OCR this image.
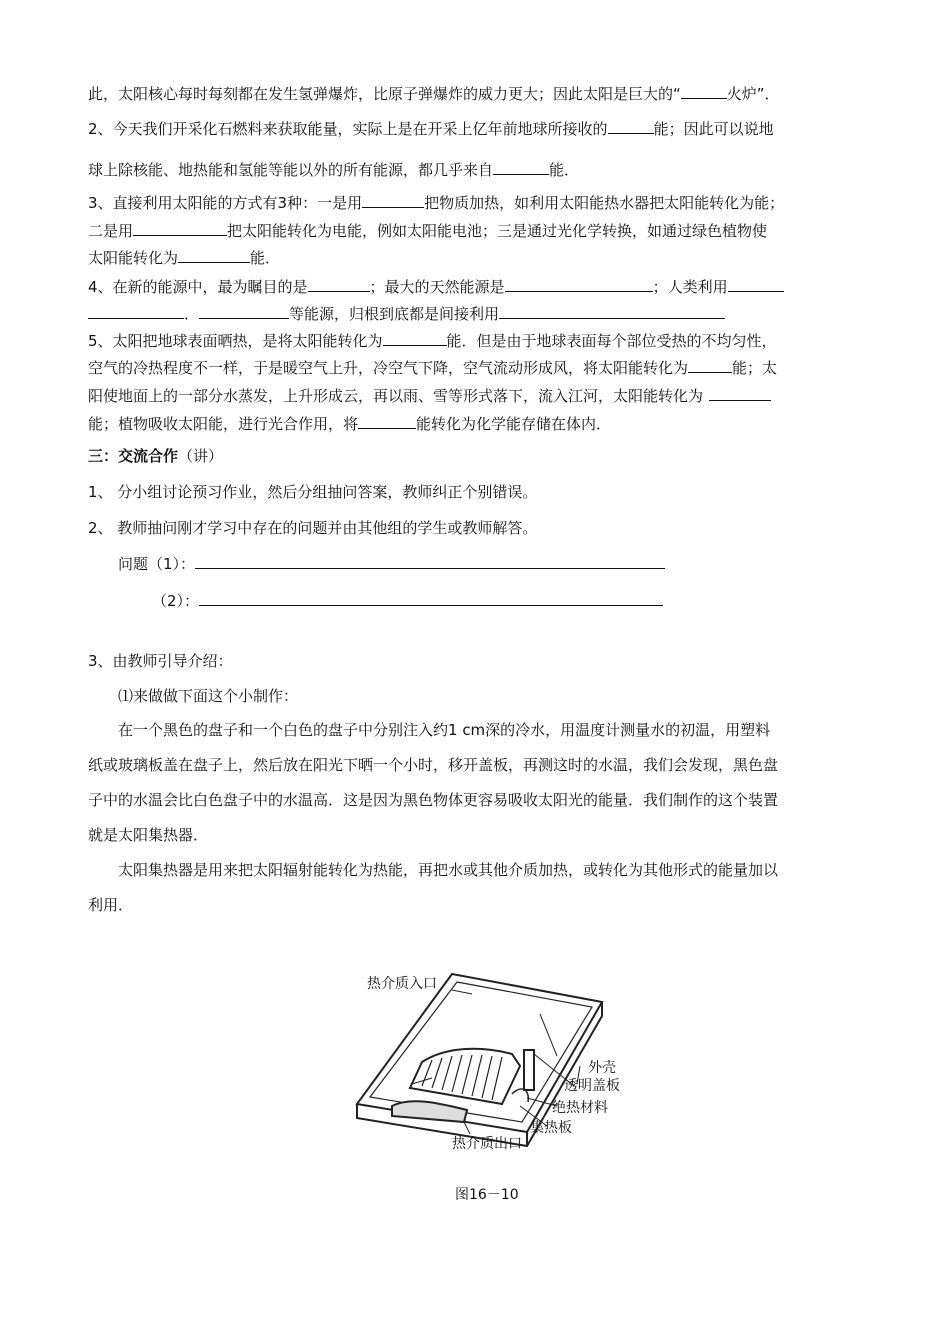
此，太阳核心每时每刻都在发生氢弹爆炸，比原子弹爆炸的威力更大；因此太阳是巨大的“	火炉”．
2、今天我们开采化石燃料来获取能量，实际上是在开采上亿年前地球所接收的	能；因此可以说地
球上除核能、地热能和氢能等能以外的所有能源，都几乎来自	能．
3、直接利用太阳能的方式有3种：一是用	把物质加热，如利用太阳能热水器把太阳能转化为能；
二是用	把太阳能转化为电能，例如太阳能电池；三是通过光化学转换，如通过绿色植物使
太阳能转化为	能．
4、在新的能源中，最为瞩目的是	；最大的天然能源是	；人类利用
．	等能源，归根到底都是间接利用
5、太阳把地球表面晒热，是将太阳能转化为	能．但是由于地球表面每个部位受热的不均匀性，
空气的冷热程度不一样，于是暖空气上升，冷空气下降，空气流动形成风，将太阳能转化为	能；太
阳使地面上的一部分水蒸发，上升形成云，再以雨、雪等形式落下，流入江河，太阳能转化为
能；植物吸收太阳能，进行光合作用，将	能转化为化学能存储在体内．
三：交流合作（讲）
1、 分小组讨论预习作业，然后分组抽问答案，教师纠正个别错误。
2、 教师抽问刚才学习中存在的问题并由其他组的学生或教师解答。
问题（1）：
（2）：
3、由教师引导介绍：
⑴来做做下面这个小制作：
在一个黑色的盘子和一个白色的盘子中分别注入约1 cm深的冷水，用温度计测量水的初温，用塑料
纸或玻璃板盖在盘子上，然后放在阳光下晒一个小时，移开盖板，再测这时的水温，我们会发现，黑色盘
子中的水温会比白色盘子中的水温高．这是因为黑色物体更容易吸收太阳光的能量．我们制作的这个装置
就是太阳集热器．
太阳集热器是用来把太阳辐射能转化为热能，再把水或其他介质加热，或转化为其他形式的能量加以
利用．
热介质入口
外壳
透明盖板
绝热材料
集热板
热介质出口
图16－10
